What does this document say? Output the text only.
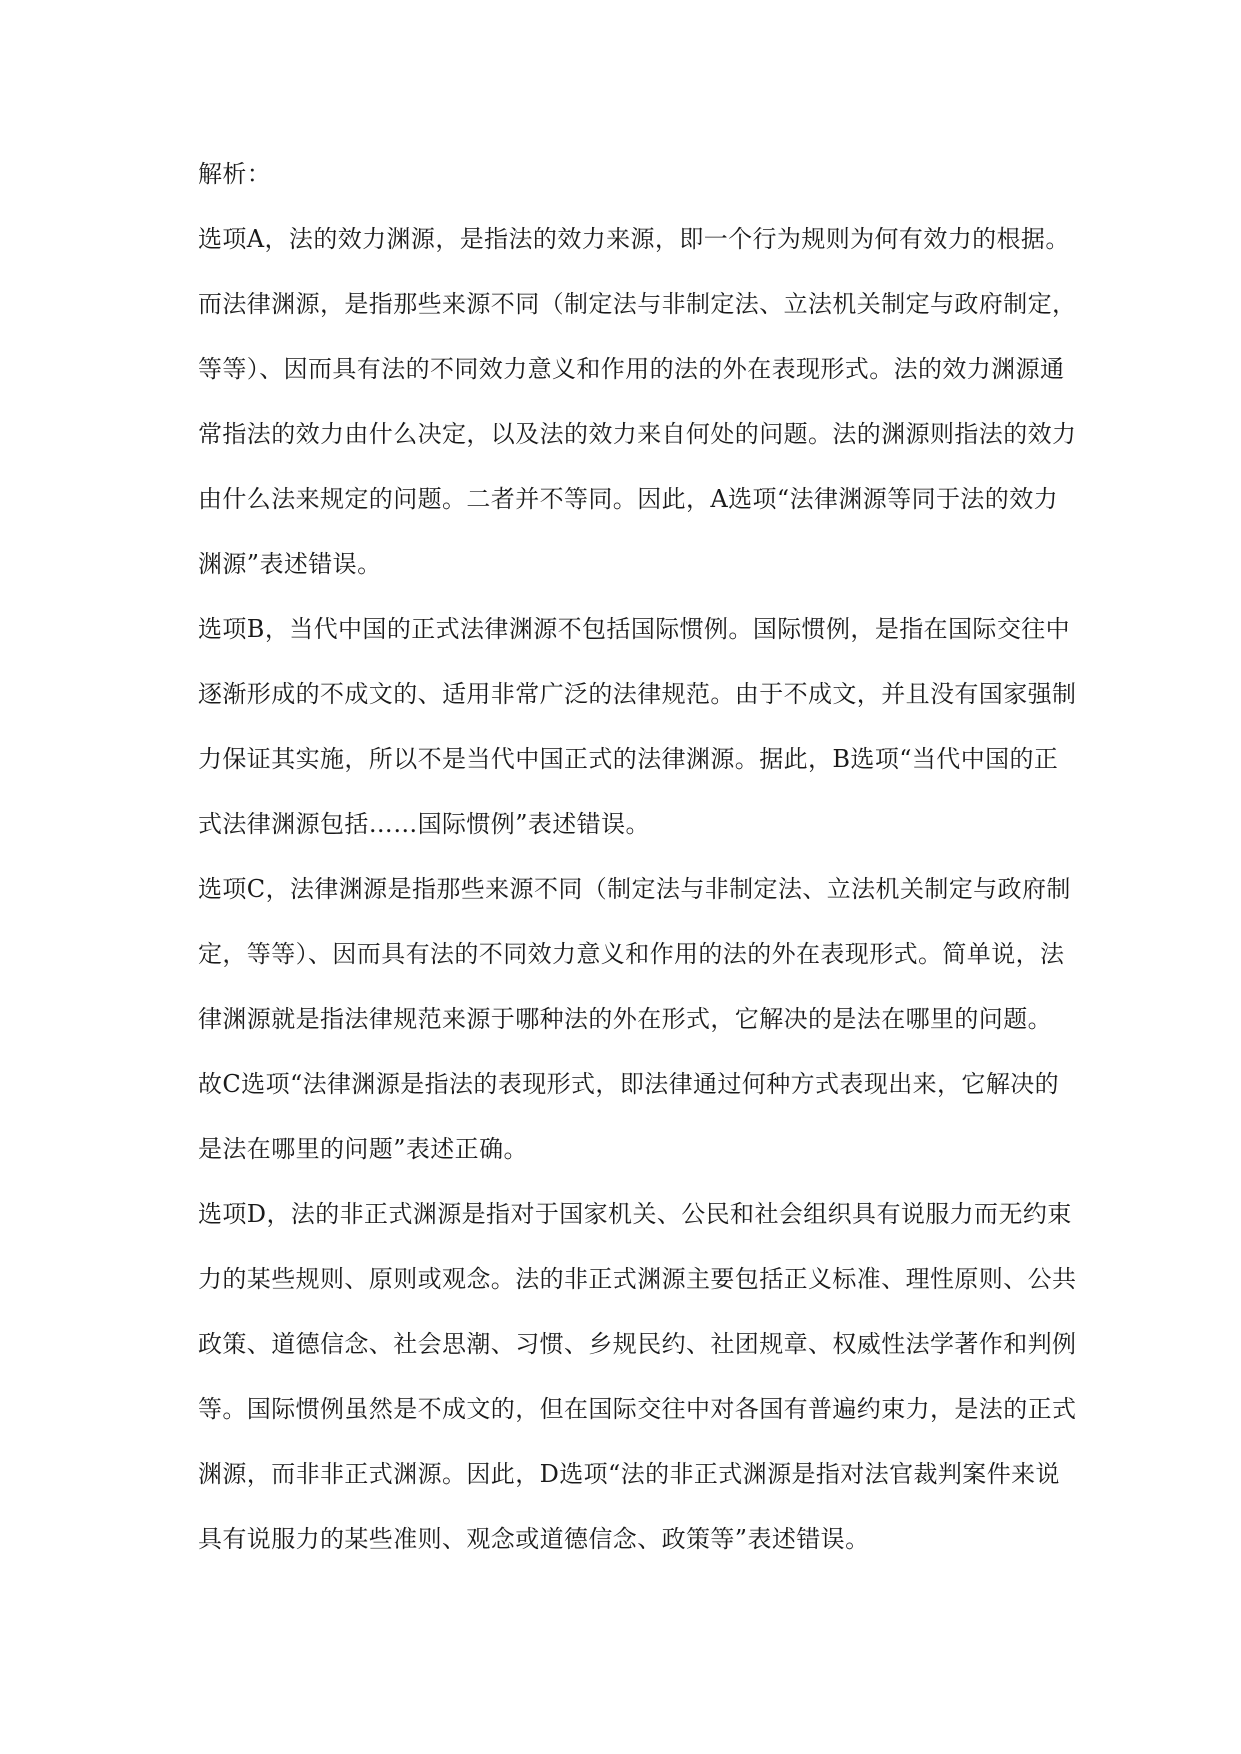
解析：

选项A，法的效力渊源，是指法的效力来源，即一个行为规则为何有效力的根据。

而法律渊源，是指那些来源不同（制定法与非制定法、立法机关制定与政府制定，

等等）、因而具有法的不同效力意义和作用的法的外在表现形式。法的效力渊源通

常指法的效力由什么决定，以及法的效力来自何处的问题。法的渊源则指法的效力

由什么法来规定的问题。二者并不等同。因此，A选项“法律渊源等同于法的效力

渊源”表述错误。

选项B，当代中国的正式法律渊源不包括国际惯例。国际惯例，是指在国际交往中

逐渐形成的不成文的、适用非常广泛的法律规范。由于不成文，并且没有国家强制

力保证其实施，所以不是当代中国正式的法律渊源。据此，B选项“当代中国的正

式法律渊源包括……国际惯例”表述错误。

选项C，法律渊源是指那些来源不同（制定法与非制定法、立法机关制定与政府制

定，等等）、因而具有法的不同效力意义和作用的法的外在表现形式。简单说，法

律渊源就是指法律规范来源于哪种法的外在形式，它解决的是法在哪里的问题。

故C选项“法律渊源是指法的表现形式，即法律通过何种方式表现出来，它解决的

是法在哪里的问题”表述正确。

选项D，法的非正式渊源是指对于国家机关、公民和社会组织具有说服力而无约束

力的某些规则、原则或观念。法的非正式渊源主要包括正义标准、理性原则、公共

政策、道德信念、社会思潮、习惯、乡规民约、社团规章、权威性法学著作和判例

等。国际惯例虽然是不成文的，但在国际交往中对各国有普遍约束力，是法的正式

渊源，而非非正式渊源。因此，D选项“法的非正式渊源是指对法官裁判案件来说

具有说服力的某些准则、观念或道德信念、政策等”表述错误。
